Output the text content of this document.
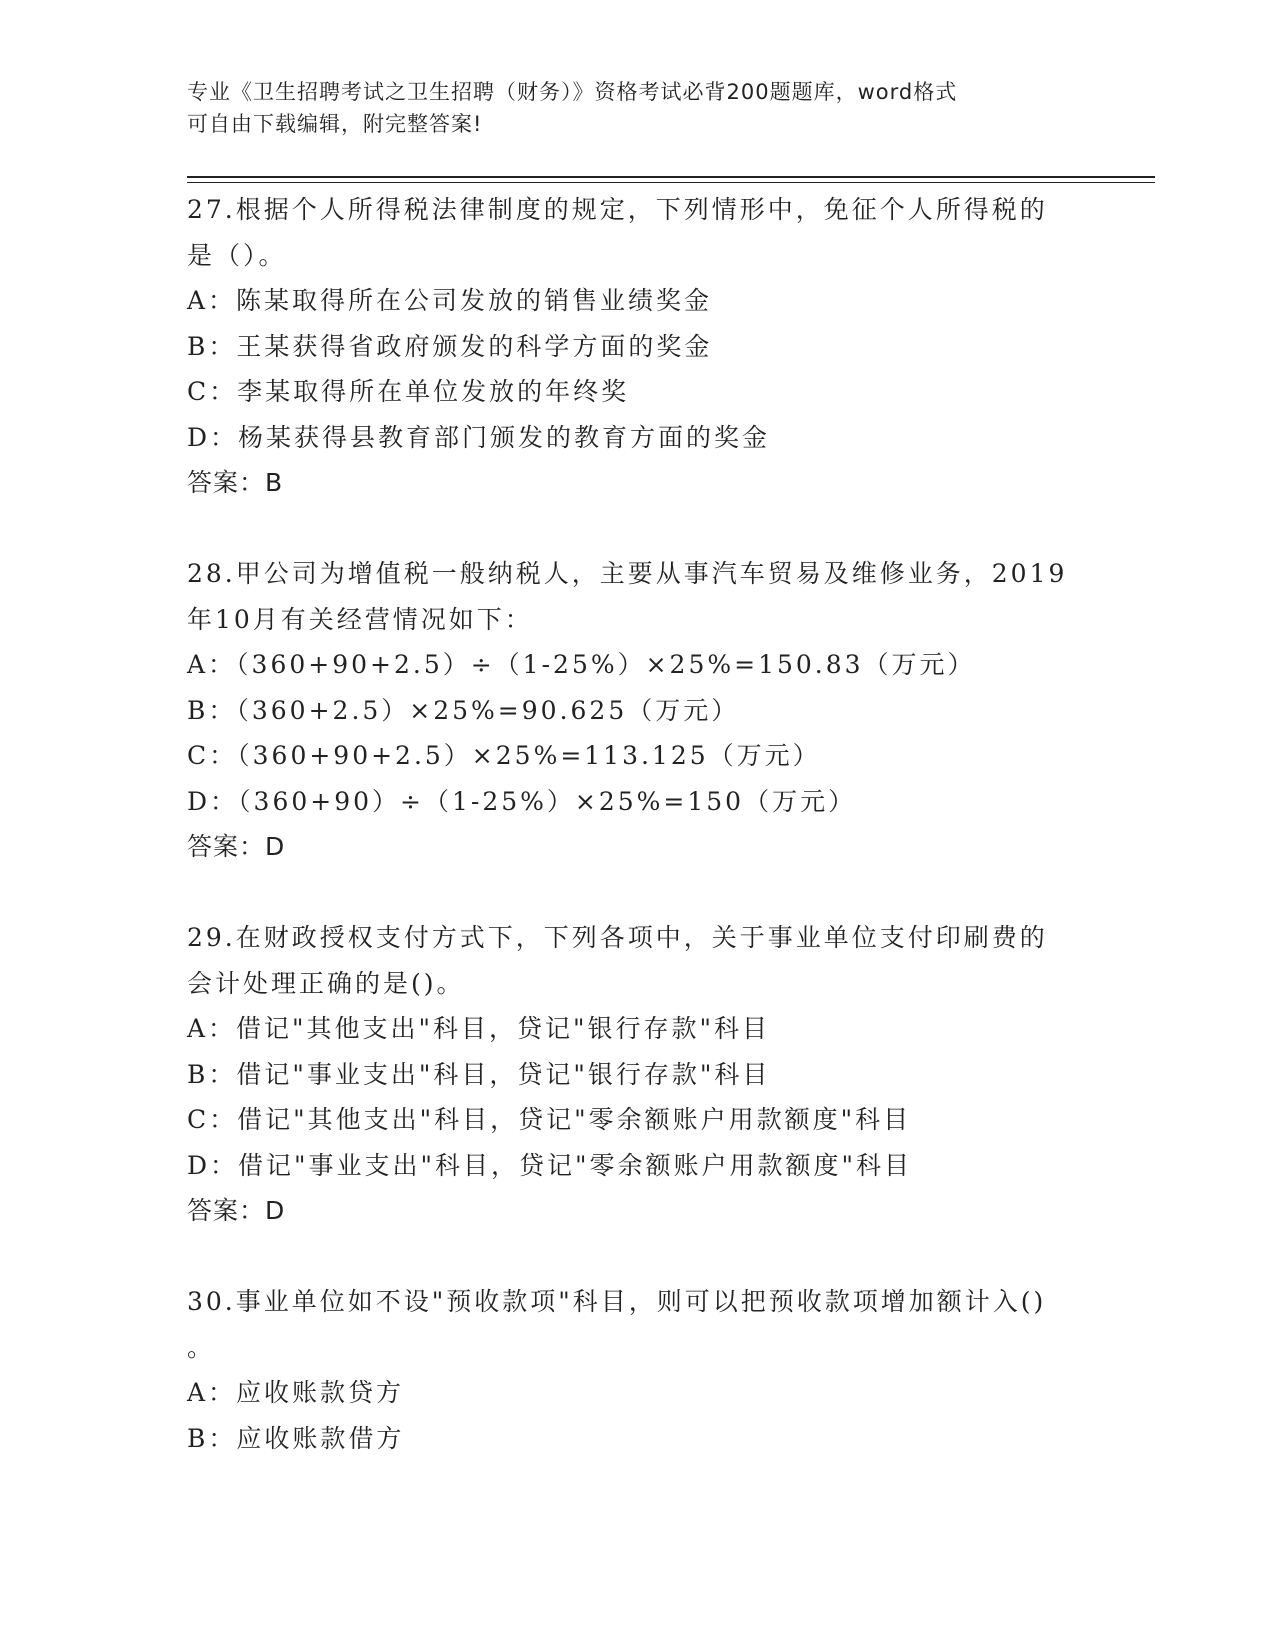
专业《卫生招聘考试之卫生招聘（财务）》资格考试必背200题题库，word格式
可自由下载编辑，附完整答案!
27.根据个人所得税法律制度的规定，下列情形中，免征个人所得税的
是（）。
A：陈某取得所在公司发放的销售业绩奖金
B：王某获得省政府颁发的科学方面的奖金
C：李某取得所在单位发放的年终奖
D：杨某获得县教育部门颁发的教育方面的奖金
答案：B
28.甲公司为增值税一般纳税人，主要从事汽车贸易及维修业务，2019
年10月有关经营情况如下：
A：（360+90+2.5）÷（1-25%）×25%=150.83（万元）
B：（360+2.5）×25%=90.625（万元）
C：（360+90+2.5）×25%=113.125（万元）
D：（360+90）÷（1-25%）×25%=150（万元）
答案：D
29.在财政授权支付方式下，下列各项中，关于事业单位支付印刷费的
会计处理正确的是()。
A：借记"其他支出"科目，贷记"银行存款"科目
B：借记"事业支出"科目，贷记"银行存款"科目
C：借记"其他支出"科目，贷记"零余额账户用款额度"科目
D：借记"事业支出"科目，贷记"零余额账户用款额度"科目
答案：D
30.事业单位如不设"预收款项"科目，则可以把预收款项增加额计入()
。
A：应收账款贷方
B：应收账款借方
